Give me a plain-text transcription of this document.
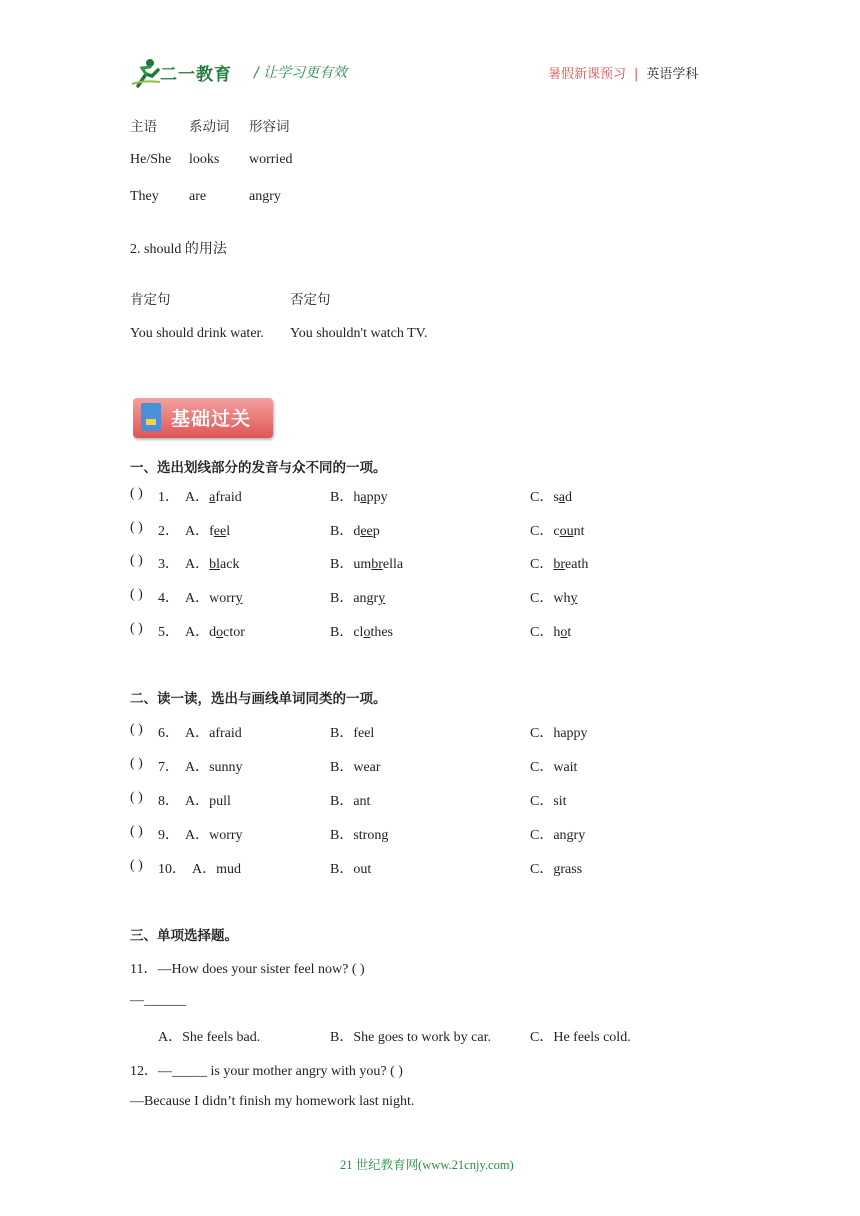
二一教育 / 让学习更有效	暑假新课预习 | 英语学科
主语 系动词 形容词
He/She looks worried
They are	angry
2. should 的用法
肯定句	否定句
You should drink water. You shouldn't watch TV.
基础过关
一、选出划线部分的发音与众不同的一项。
( ) 1． A．afraid	B．happy	C．sad
( ) 2． A．feel	B．deep	C．count
( ) 3． A．black	B．umbrella	C．breath
( ) 4． A．worry	B．angry	C．why
( ) 5． A．doctor	B．clothes	C．hot
二、读一读，选出与画线单词同类的一项。
( ) 6． A．afraid	B．feel	C．happy
( ) 7． A．sunny	B．wear	C．wait
( ) 8． A．pull	B．ant	C．sit
( ) 9． A．worry	B．strong	C．angry
( ) 10． A．mud	B．out	C．grass
三、单项选择题。
11．—How does your sister feel now? ( )
—______
A．She feels bad.	B．She goes to work by car.	C．He feels cold.
12．—_____ is your mother angry with you? ( )
—Because I didn’t finish my homework last night.
21 世纪教育网(www.21cnjy.com)
